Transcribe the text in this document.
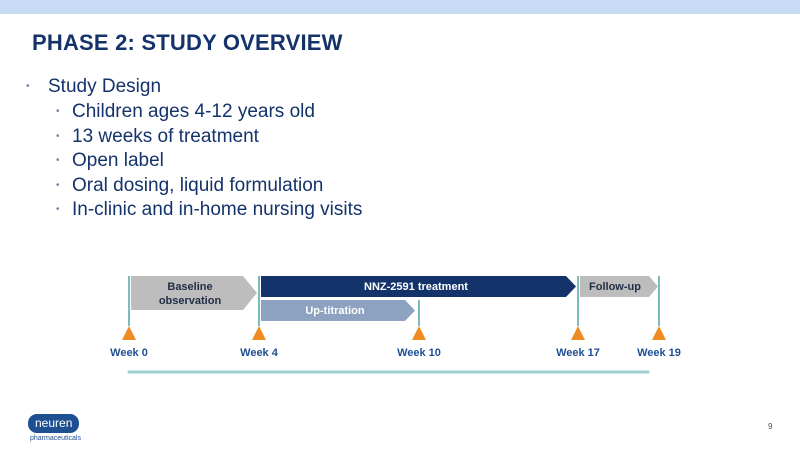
PHASE 2: STUDY OVERVIEW
• Study Design
• Children ages 4-12 years old
• 13 weeks of treatment
• Open label
• Oral dosing, liquid formulation
• In-clinic and in-home nursing visits
Baseline
observation
NNZ-2591 treatment
Up-titration
Follow-up
Week 0	Week 4	Week 10	Week 17	Week 19
neuren
pharmaceuticals
9
